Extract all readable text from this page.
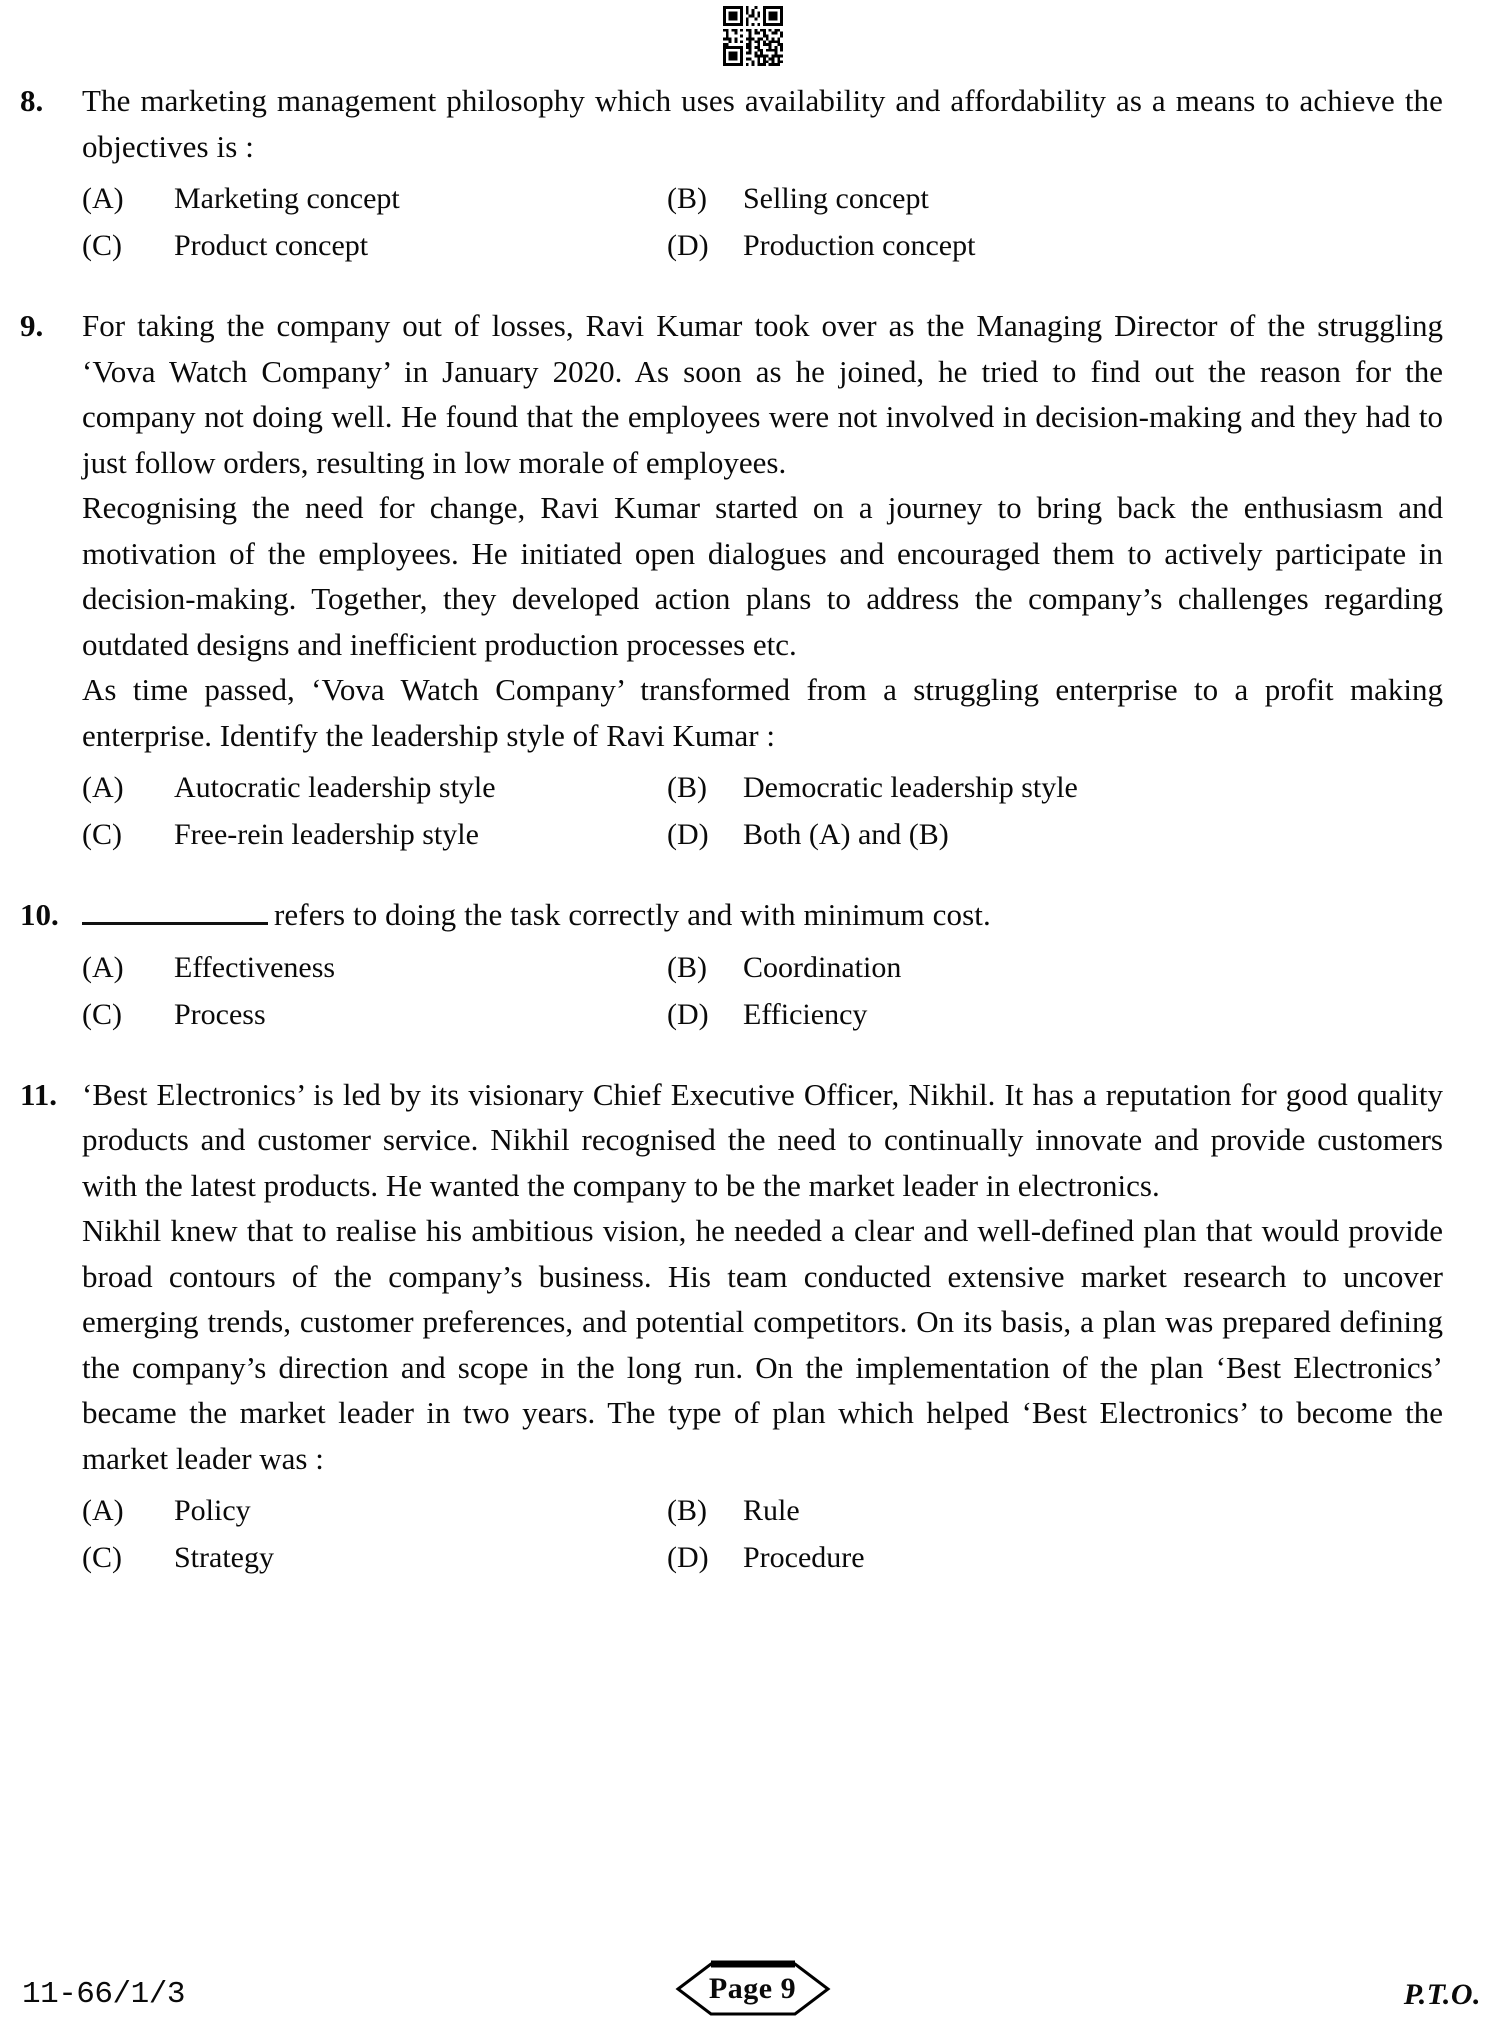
8.	The marketing management philosophy which uses availability and affordability as a means to achieve the objectives is :

(A)	Marketing concept	(B)	Selling concept
(C)	Product concept	(D)	Production concept
9.	For taking the company out of losses, Ravi Kumar took over as the Managing Director of the struggling ‘Vova Watch Company’ in January 2020. As soon as he joined, he tried to find out the reason for the company not doing well. He found that the employees were not involved in decision-making and they had to just follow orders, resulting in low morale of employees.

Recognising the need for change, Ravi Kumar started on a journey to bring back the enthusiasm and motivation of the employees. He initiated open dialogues and encouraged them to actively participate in decision-making. Together, they developed action plans to address the company’s challenges regarding outdated designs and inefficient production processes etc.

As time passed, ‘Vova Watch Company’ transformed from a struggling enterprise to a profit making enterprise. Identify the leadership style of Ravi Kumar :

(A)	Autocratic leadership style	(B)	Democratic leadership style
(C)	Free-rein leadership style	(D)	Both (A) and (B)
10.	refers to doing the task correctly and with minimum cost.

(A)	Effectiveness	(B)	Coordination
(C)	Process	(D)	Efficiency
11. ‘Best Electronics’ is led by its visionary Chief Executive Officer, Nikhil. It has a reputation for good quality products and customer service. Nikhil recognised the need to continually innovate and provide customers with the latest products. He wanted the company to be the market leader in electronics.

Nikhil knew that to realise his ambitious vision, he needed a clear and well-defined plan that would provide broad contours of the company’s business. His team conducted extensive market research to uncover emerging trends, customer preferences, and potential competitors. On its basis, a plan was prepared defining the company’s direction and scope in the long run. On the implementation of the plan ‘Best Electronics’ became the market leader in two years. The type of plan which helped ‘Best Electronics’ to become the market leader was :

(A)	Policy	(B)	Rule
(C)	Strategy	(D)	Procedure
11-66/1/3	Page 9	P.T.O.
